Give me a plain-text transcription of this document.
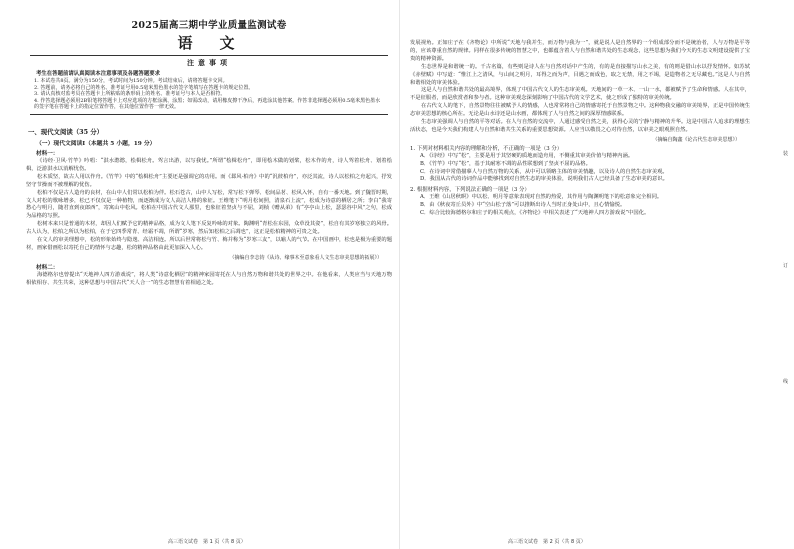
2025届高三期中学业质量监测试卷
语　文
注意事项
考生在答题前请认真阅读本注意事项及各题答题要求

1. 本试卷共8页。满分为150分，考试时间为150分钟。考试结束后，请将答题卡交回。

2. 答题前，请务必将自己的姓名、准考证号用0.5毫米黑色墨水的签字笔填写在答题卡的规定位置。

3. 请认真核对监考员在答题卡上所粘贴的条形码上的姓名、准考证号与本人是否相符。

4. 作答选择题必须用2B铅笔将答题卡上对应选项的方框涂满、涂黑；如需改动，请用橡皮擦干净后，再选涂其他答案。作答非选择题必须用0.5毫米黑色墨水的签字笔在答题卡上的指定位置作答，在其他位置作答一律无效。

一、现代文阅读（35 分）
（一）现代文阅读Ⅰ（本题共 5 小题，19 分）
材料一：

《诗经·卫风·竹竿》吟唱：“淇水滺滺，桧楫松舟。驾言出游，以写我忧。”所谓“桧楫松舟”，即用桧木做的划桨，松木作的舟，诗人驾着松舟、划着桧楫，泛游淇水以消解忧伤。

松木质坚，故古人用以作舟。《竹竿》中的“桧楫松舟”主要还是强调它的功用。而《邶风·柏舟》中的“汎彼柏舟”，亦泛其流，诗人以松柏之舟起兴，抒发坚守节操而不被理解的忧伤。

松柏不仅是古人造舟的良材，在山中人们常以松柏为伴。松石苍古，山中人写松，常写松下弹琴、松间品茗、松风入怀，自有一番天地。到了魏晋时期，文人对松的歌咏增多，松已不仅仅是一种植物，而逐渐成为文人高洁人格的象征。王维笔下“明月松间照，清泉石上流”，松成为诗意的栖居之所；李白“我寄愁心与明月，随君直到夜郎西”，寄寓山中松风。松柏在中国古代文人那里，也象征着坚贞与不屈，刘桢《赠从弟》有“亭亭山上松，瑟瑟谷中风”之句，松成为品格的写照。

松树本来只是普通的木材，却因人们赋予它的精神品格，成为文人笔下反复吟咏的对象。陶渊明“青松在东园，众草没其姿”，松自有其岁寒独立的风骨。古人认为，松柏之所以为松柏，在于它四季常青、经霜不凋，所谓“岁寒，然后知松柏之后凋也”，这正是松柏精神的可贵之处。

在文人的审美理想中，松的形象始终与隐逸、高洁相连。所以后世常将松与竹、梅并称为“岁寒三友”，以喻人的气节。在中国画中，松也是极为重要的题材，画家借画松以寄托自己的情怀与志趣，松的精神品格由此更加深入人心。

（摘编自李志钧《从诗、缘事木至意象看人文生态审美思想的拓展》）
材料二：

海德格尔也曾提出“天地神人四方游戏说”，将人类“诗意化栖居”的精神家园寄托在人与自然万物和谐共处的世界之中。在他看来，人类应当与天地万物相依相存、共生共荣，这种思想与中国古代“天人合一”的生态智慧有着相通之处。

高三语文试卷　第 1 页（共 8 页）

发展视角。正如庄子在《齐物论》中所说“天地与我并生，而万物与我为一”，就是说人是自然界的一个组成部分而不是统治者，人与万物是平等的，应该尊重自然的规律。同样在很多传统的智慧之中，也都蕴含着人与自然和谐共处的生态观念，这些思想为我们今天的生态文明建设提供了宝贵的精神资源。

生态世界是和谐统一的。千古名篇，有些则是诗人在与自然对话中产生的，有的是直接描写山水之美，有的则是借山水以抒发情怀。如苏轼《赤壁赋》中写道：“惟江上之清风，与山间之明月，耳得之而为声，目遇之而成色，取之无禁，用之不竭，是造物者之无尽藏也。”这是人与自然和谐相处的审美体验。

这是人与自然和谐共处的最高境界，体现了中国古代文人的生态审美观。天地间的一草一木、一山一水，都被赋予了生命和情感。人在其中，不是征服者，而是欣赏者和参与者。这种审美观念深刻影响了中国古代的文学艺术，使之形成了独特的审美传统。

在古代文人的笔下，自然景物往往被赋予人的情感，人也常常将自己的情感寄托于自然景物之中。这种物我交融的审美境界，正是中国传统生态审美思想的核心所在。无论是山水诗还是山水画，都体现了人与自然之间的深厚情感联系。

生态审美强调人与自然的平等对话。在人与自然的交流中，人通过感受自然之美，获得心灵的宁静与精神的升华。这是中国古人追求的理想生活状态，也是今天我们构建人与自然和谐共生关系的重要思想资源。人应当以敬畏之心对待自然，以审美之眼观照自然。

（摘编自陶鑫《论古代生态审美思想》）
1. 下列对材料相关内容的理解和分析，不正确的一项是（3 分）
A．《诗经》中写“松”，主要是用于其坚硬的质地而造舟用，不侧重其审美价值与精神内涵。
B．《竹竿》中写“松”，基于其耐寒不凋的品性联想到了坚贞不屈的品格。
C．在诗词中常借描摹人与自然万物的关系，从中可以领略主体的审美情趣，以及诗人的自然生态审美观。
D．我国从古代的诗词作品中能够找到对自然生态的审美体验，说明我们古人已经具备了生态审美的意识。
2. 根据材料内容，下列说法正确的一项是（3 分）
A．王维《山居秋暝》中以松、明月等意象表现对自然的热爱，其作用与陶渊明笔下的松意象完全相同。
B．由《秋夜寄丘员外》中“空山松子落”可以推断出诗人当时正身处山中，且心情愉悦。
C．综合比较海德格尔和庄子的相关观点，《齐物论》中相关表述了“天地神人四方游戏说”中国化。
高三语文试卷　第 2 页（共 8 页）
装
订
线
